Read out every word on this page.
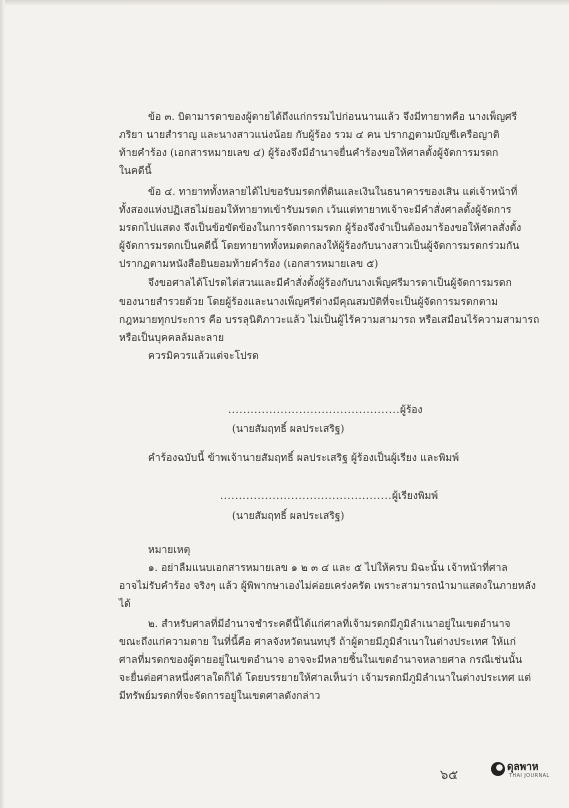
ข้อ ๓. บิดามารดาของผู้ตายได้ถึงแก่กรรมไปก่อนนานแล้ว จึงมีทายาทคือ นางเพ็ญศรี
ภริยา นายสำราญ และนางสาวแน่งน้อย กับผู้ร้อง รวม ๔ คน ปรากฏตามบัญชีเครือญาติ
ท้ายคำร้อง (เอกสารหมายเลข ๔) ผู้ร้องจึงมีอำนาจยื่นคำร้องขอให้ศาลตั้งผู้จัดการมรดก
ในคดีนี้
ข้อ ๔. ทายาททั้งหลายได้ไปขอรับมรดกที่ดินและเงินในธนาคารของเสิน แต่เจ้าหน้าที่
ทั้งสองแห่งปฏิเสธไม่ยอมให้ทายาทเข้ารับมรดก เว้นแต่ทายาทเจ้าจะมีคำสั่งศาลตั้งผู้จัดการ
มรดกไปแสดง จึงเป็นข้อขัดข้องในการจัดการมรดก ผู้ร้องจึงจำเป็นต้องมาร้องขอให้ศาลสั่งตั้ง
ผู้จัดการมรดกเป็นคดีนี้ โดยทายาททั้งหมดตกลงให้ผู้ร้องกับนางสาวเป็นผู้จัดการมรดกร่วมกัน
ปรากฏตามหนังสือยินยอมท้ายคำร้อง (เอกสารหมายเลข ๕)
จึงขอศาลได้โปรดไต่สวนและมีคำสั่งตั้งผู้ร้องกับนางเพ็ญศรีมารดาเป็นผู้จัดการมรดก
ของนายสำรวยด้วย โดยผู้ร้องและนางเพ็ญศรีต่างมีคุณสมบัติที่จะเป็นผู้จัดการมรดกตาม
กฎหมายทุกประการ คือ บรรลุนิติภาวะแล้ว ไม่เป็นผู้ไร้ความสามารถ หรือเสมือนไร้ความสามารถ
หรือเป็นบุคคลล้มละลาย
ควรมิควรแล้วแต่จะโปรด
..............................................ผู้ร้อง
(นายสัมฤทธิ์ ผลประเสริฐ)
คำร้องฉบับนี้ ข้าพเจ้านายสัมฤทธิ์ ผลประเสริฐ ผู้ร้องเป็นผู้เรียง และพิมพ์
..............................................ผู้เรียงพิมพ์
(นายสัมฤทธิ์ ผลประเสริฐ)
หมายเหตุ
๑. อย่าลืมแนบเอกสารหมายเลข ๑ ๒ ๓ ๔ และ ๕ ไปให้ครบ มิฉะนั้น เจ้าหน้าที่ศาล
อาจไม่รับคำร้อง จริงๆ แล้ว ผู้พิพากษาเองไม่ค่อยเคร่งครัด เพราะสามารถนำมาแสดงในภายหลัง
ได้
๒. สำหรับศาลที่มีอำนาจชำระคดีนี้ได้แก่ศาลที่เจ้ามรดกมีภูมิลำเนาอยู่ในเขตอำนาจ
ขณะถึงแก่ความตาย ในที่นี้คือ ศาลจังหวัดนนทบุรี ถ้าผู้ตายมีภูมิลำเนาในต่างประเทศ ให้แก่
ศาลที่มรดกของผู้ตายอยู่ในเขตอำนาจ อาจจะมีหลายชิ้นในเขตอำนาจหลายศาล กรณีเช่นนั้น
จะยื่นต่อศาลหนึ่งศาลใดก็ได้ โดยบรรยายให้ศาลเห็นว่า เจ้ามรดกมีภูมิลำเนาในต่างประเทศ แต่
มีทรัพย์มรดกที่จะจัดการอยู่ในเขตศาลดังกล่าว
๖๕
ดุลพาห
THAI JOURNAL
